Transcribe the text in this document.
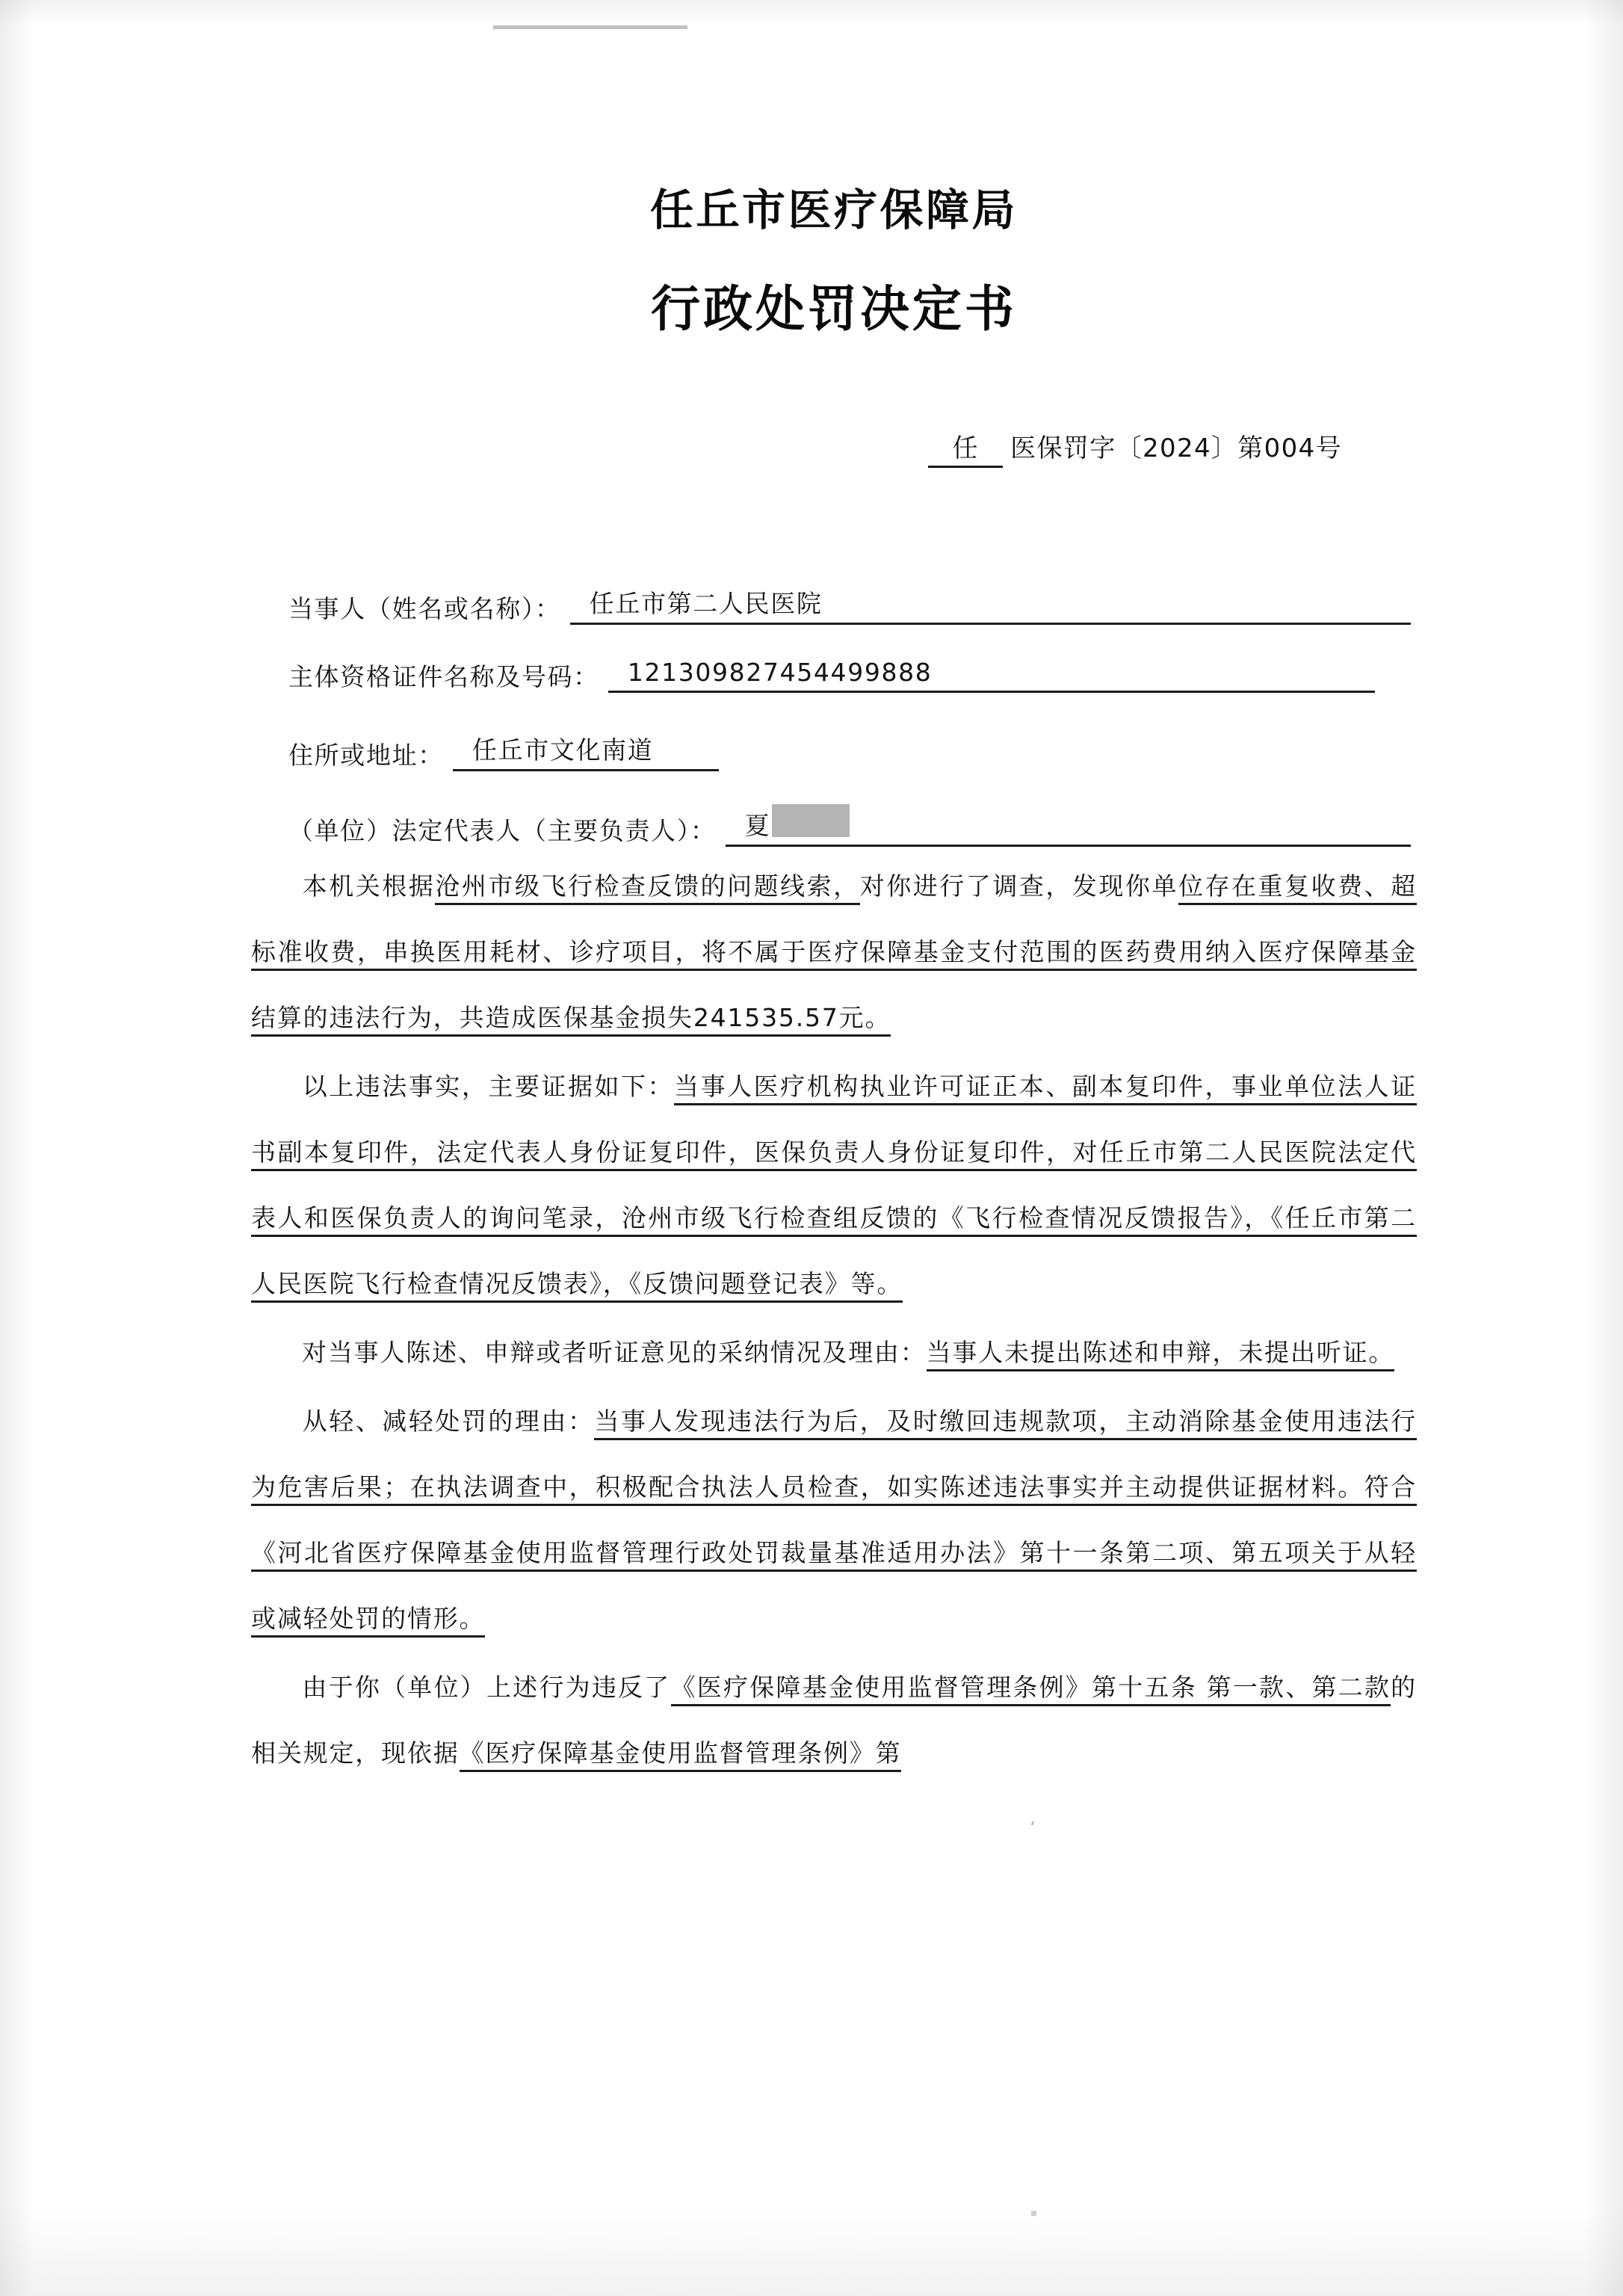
任丘市医疗保障局
行政处罚决定书
任 医保罚字〔2024〕第004号
当事人（姓名或名称）：	任丘市第二人民医院
主体资格证件名称及号码：	121309827454499888
住所或地址：	任丘市文化南道
（单位）法定代表人（主要负责人）：	夏

本机关根据沧州市级飞行检查反馈的问题线索，对你进行了调查，发现你单位存在重复收费、超标准收费，串换医用耗材、诊疗项目，将不属于医疗保障基金支付范围的医药费用纳入医疗保障基金结算的违法行为，共造成医保基金损失241535.57元。

以上违法事实，主要证据如下：当事人医疗机构执业许可证正本、副本复印件，事业单位法人证书副本复印件，法定代表人身份证复印件，医保负责人身份证复印件，对任丘市第二人民医院法定代表人和医保负责人的询问笔录，沧州市级飞行检查组反馈的《飞行检查情况反馈报告》，《任丘市第二人民医院飞行检查情况反馈表》，《反馈问题登记表》等。

对当事人陈述、申辩或者听证意见的采纳情况及理由：当事人未提出陈述和申辩，未提出听证。

从轻、减轻处罚的理由：当事人发现违法行为后，及时缴回违规款项，主动消除基金使用违法行为危害后果；在执法调查中，积极配合执法人员检查，如实陈述违法事实并主动提供证据材料。符合《河北省医疗保障基金使用监督管理行政处罚裁量基准适用办法》第十一条第二项、第五项关于从轻或减轻处罚的情形。

由于你（单位）上述行为违反了《医疗保障基金使用监督管理条例》第十五条 第一款、第二款的相关规定，现依据《医疗保障基金使用监督管理条例》第

‘
